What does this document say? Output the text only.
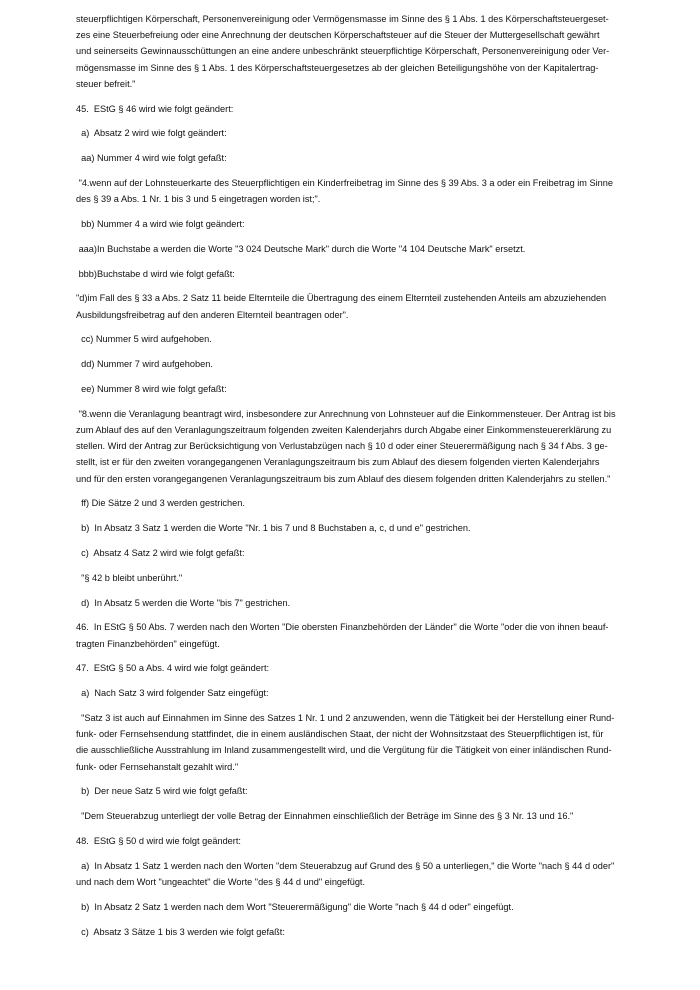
steuerpflichtigen Körperschaft, Personenvereinigung oder Vermögensmasse im Sinne des § 1 Abs. 1 des Körperschaftsteuergeset-
zes eine Steuerbefreiung oder eine Anrechnung der deutschen Körperschaftsteuer auf die Steuer der Muttergesellschaft gewährt
und seinerseits Gewinnausschüttungen an eine andere unbeschränkt steuerpflichtige Körperschaft, Personenvereinigung oder Ver-
mögensmasse im Sinne des § 1 Abs. 1 des Körperschaftsteuergesetzes ab der gleichen Beteiligungshöhe von der Kapitalertrag-
steuer befreit."
45.  EStG § 46 wird wie folgt geändert:
a)  Absatz 2 wird wie folgt geändert:
aa) Nummer 4 wird wie folgt gefaßt:
"4.wenn auf der Lohnsteuerkarte des Steuerpflichtigen ein Kinderfreibetrag im Sinne des § 39 Abs. 3 a oder ein Freibetrag im Sinne
des § 39 a Abs. 1 Nr. 1 bis 3 und 5 eingetragen worden ist;".
bb) Nummer 4 a wird wie folgt geändert:
aaa)In Buchstabe a werden die Worte "3 024 Deutsche Mark" durch die Worte "4 104 Deutsche Mark" ersetzt.
bbb)Buchstabe d wird wie folgt gefaßt:
"d)im Fall des § 33 a Abs. 2 Satz 11 beide Elternteile die Übertragung des einem Elternteil zustehenden Anteils am abzuziehenden
Ausbildungsfreibetrag auf den anderen Elternteil beantragen oder".
cc) Nummer 5 wird aufgehoben.
dd) Nummer 7 wird aufgehoben.
ee) Nummer 8 wird wie folgt gefaßt:
"8.wenn die Veranlagung beantragt wird, insbesondere zur Anrechnung von Lohnsteuer auf die Einkommensteuer. Der Antrag ist bis
zum Ablauf des auf den Veranlagungszeitraum folgenden zweiten Kalenderjahrs durch Abgabe einer Einkommensteuererklärung zu
stellen. Wird der Antrag zur Berücksichtigung von Verlustabzügen nach § 10 d oder einer Steuerermäßigung nach § 34 f Abs. 3 ge-
stellt, ist er für den zweiten vorangegangenen Veranlagungszeitraum bis zum Ablauf des diesem folgenden vierten Kalenderjahrs
und für den ersten vorangegangenen Veranlagungszeitraum bis zum Ablauf des diesem folgenden dritten Kalenderjahrs zu stellen."
ff) Die Sätze 2 und 3 werden gestrichen.
b)  In Absatz 3 Satz 1 werden die Worte "Nr. 1 bis 7 und 8 Buchstaben a, c, d und e" gestrichen.
c)  Absatz 4 Satz 2 wird wie folgt gefaßt:
"§ 42 b bleibt unberührt."
d)  In Absatz 5 werden die Worte "bis 7" gestrichen.
46.  In EStG § 50 Abs. 7 werden nach den Worten "Die obersten Finanzbehörden der Länder" die Worte "oder die von ihnen beauf-
tragten Finanzbehörden" eingefügt.
47.  EStG § 50 a Abs. 4 wird wie folgt geändert:
a)  Nach Satz 3 wird folgender Satz eingefügt:
"Satz 3 ist auch auf Einnahmen im Sinne des Satzes 1 Nr. 1 und 2 anzuwenden, wenn die Tätigkeit bei der Herstellung einer Rund-
funk- oder Fernsehsendung stattfindet, die in einem ausländischen Staat, der nicht der Wohnsitzstaat des Steuerpflichtigen ist, für
die ausschließliche Ausstrahlung im Inland zusammengestellt wird, und die Vergütung für die Tätigkeit von einer inländischen Rund-
funk- oder Fernsehanstalt gezahlt wird."
b)  Der neue Satz 5 wird wie folgt gefaßt:
"Dem Steuerabzug unterliegt der volle Betrag der Einnahmen einschließlich der Beträge im Sinne des § 3 Nr. 13 und 16."
48.  EStG § 50 d wird wie folgt geändert:
a)  In Absatz 1 Satz 1 werden nach den Worten "dem Steuerabzug auf Grund des § 50 a unterliegen," die Worte "nach § 44 d oder"
und nach dem Wort "ungeachtet" die Worte "des § 44 d und" eingefügt.
b)  In Absatz 2 Satz 1 werden nach dem Wort "Steuerermäßigung" die Worte "nach § 44 d oder" eingefügt.
c)  Absatz 3 Sätze 1 bis 3 werden wie folgt gefaßt:
